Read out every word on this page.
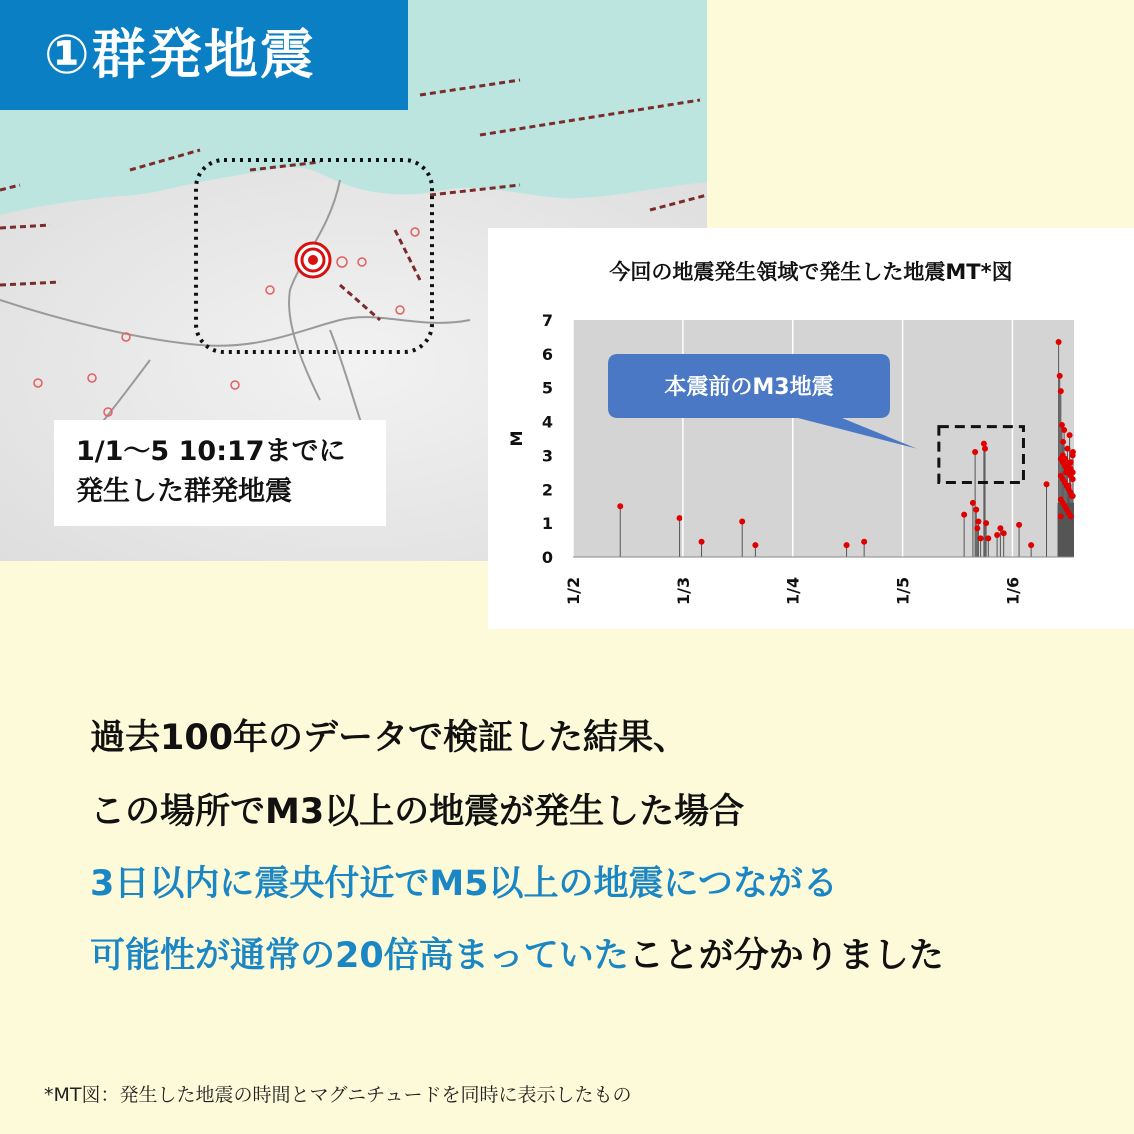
①群発地震
1/1〜5 10:17までに
発生した群発地震
今回の地震発生領域で発生した地震MT*図
0
1
2
3
4
5
6
7
1/2	1/3	1/4	1/5	1/6
M
本震前のM3地震
過去100年のデータで検証した結果、
この場所でM3以上の地震が発生した場合
3日以内に震央付近でM5以上の地震につながる
可能性が通常の20倍高まっていたことが分かりました
*MT図：発生した地震の時間とマグニチュードを同時に表示したもの
